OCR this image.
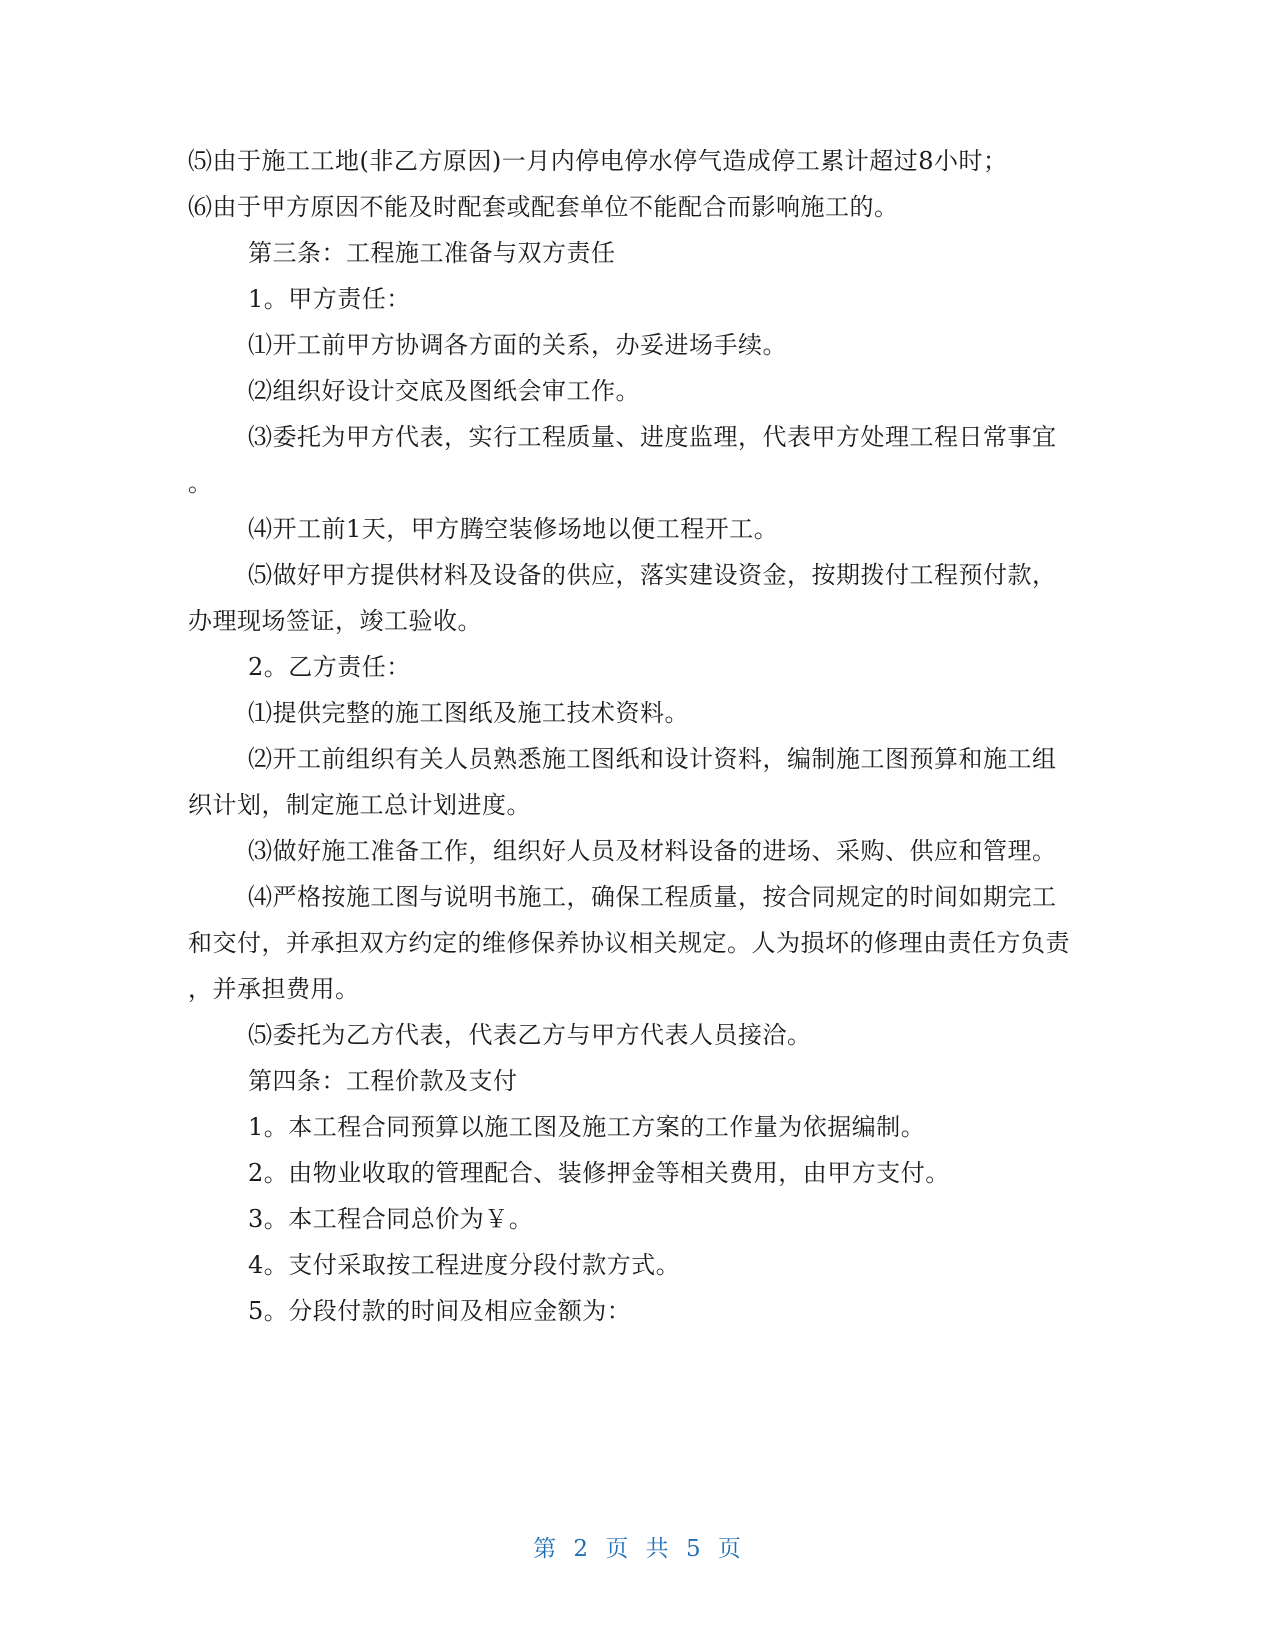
⑸由于施工工地(非乙方原因)一月内停电停水停气造成停工累计超过8小时；
⑹由于甲方原因不能及时配套或配套单位不能配合而影响施工的。
第三条：工程施工准备与双方责任
1。甲方责任：
⑴开工前甲方协调各方面的关系，办妥进场手续。
⑵组织好设计交底及图纸会审工作。
⑶委托为甲方代表，实行工程质量、进度监理，代表甲方处理工程日常事宜
。
⑷开工前1天，甲方腾空装修场地以便工程开工。
⑸做好甲方提供材料及设备的供应，落实建设资金，按期拨付工程预付款，
办理现场签证，竣工验收。
2。乙方责任：
⑴提供完整的施工图纸及施工技术资料。
⑵开工前组织有关人员熟悉施工图纸和设计资料，编制施工图预算和施工组
织计划，制定施工总计划进度。
⑶做好施工准备工作，组织好人员及材料设备的进场、采购、供应和管理。
⑷严格按施工图与说明书施工，确保工程质量，按合同规定的时间如期完工
和交付，并承担双方约定的维修保养协议相关规定。人为损坏的修理由责任方负责
，并承担费用。
⑸委托为乙方代表，代表乙方与甲方代表人员接洽。
第四条：工程价款及支付
1。本工程合同预算以施工图及施工方案的工作量为依据编制。
2。由物业收取的管理配合、装修押金等相关费用，由甲方支付。
3。本工程合同总价为￥。
4。支付采取按工程进度分段付款方式。
5。分段付款的时间及相应金额为：
第 2 页 共 5 页
